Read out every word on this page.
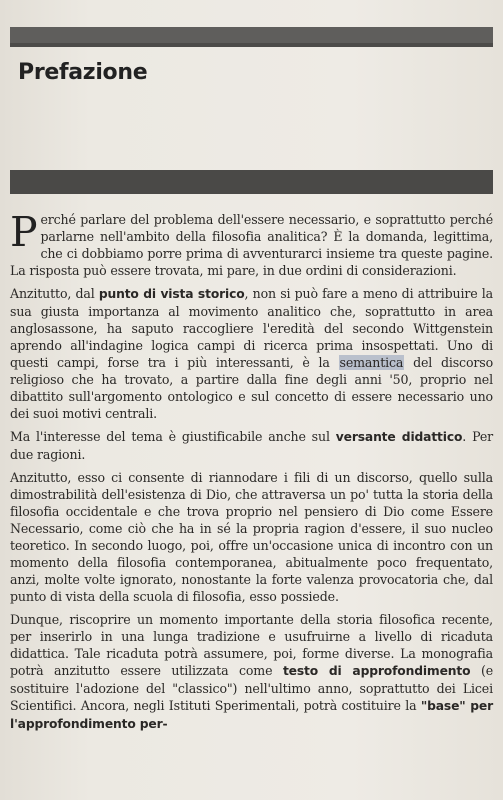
Prefazione

Perché parlare del problema dell'essere necessario, e soprattutto perché parlarne nell'ambito della filosofia analitica? È la domanda, legittima, che ci dobbiamo porre prima di avventurarci insieme tra queste pagine. La risposta può essere trovata, mi pare, in due ordini di considerazioni.

Anzitutto, dal punto di vista storico, non si può fare a meno di attribuire la sua giusta importanza al movimento analitico che, soprattutto in area anglosassone, ha saputo raccogliere l'eredità del secondo Wittgenstein aprendo all'indagine logica campi di ricerca prima insospettati. Uno di questi campi, forse tra i più interessanti, è la semantica del discorso religioso che ha trovato, a partire dalla fine degli anni '50, proprio nel dibattito sull'argomento ontologico e sul concetto di essere necessario uno dei suoi motivi centrali.

Ma l'interesse del tema è giustificabile anche sul versante didattico. Per due ragioni.

Anzitutto, esso ci consente di riannodare i fili di un discorso, quello sulla dimostrabilità dell'esistenza di Dio, che attraversa un po' tutta la storia della filosofia occidentale e che trova proprio nel pensiero di Dio come Essere Necessario, come ciò che ha in sé la propria ragion d'essere, il suo nucleo teoretico. In secondo luogo, poi, offre un'occasione unica di incontro con un momento della filosofia contemporanea, abitualmente poco frequentato, anzi, molte volte ignorato, nonostante la forte valenza provocatoria che, dal punto di vista della scuola di filosofia, esso possiede.

Dunque, riscoprire un momento importante della storia filosofica recente, per inserirlo in una lunga tradizione e usufruirne a livello di ricaduta didattica. Tale ricaduta potrà assumere, poi, forme diverse. La monografia potrà anzitutto essere utilizzata come testo di approfondimento (e sostituire l'adozione del "classico") nell'ultimo anno, soprattutto dei Licei Scientifici. Ancora, negli Istituti Sperimentali, potrà costituire la "base" per l'approfondimento per-
